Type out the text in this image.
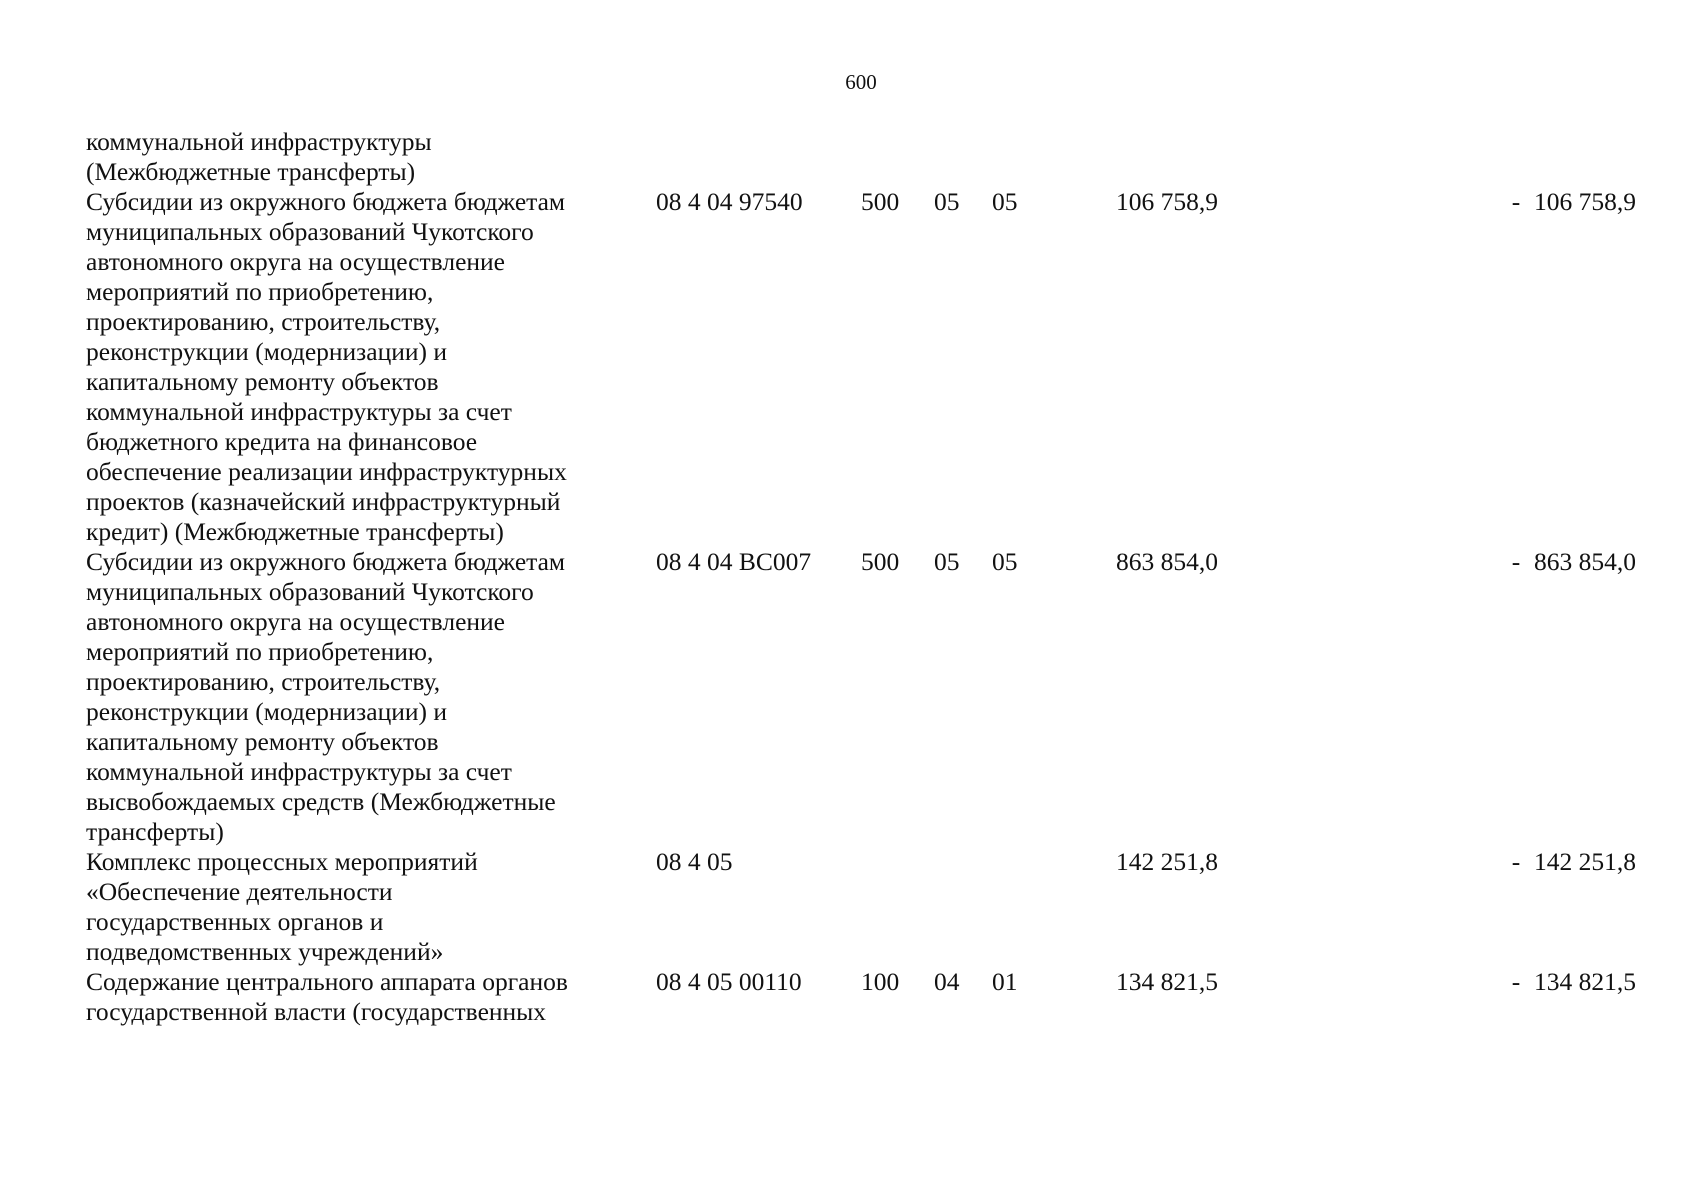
600
коммунальной инфраструктуры
(Межбюджетные трансферты)
Субсидии из окружного бюджета бюджетам
муниципальных образований Чукотского
автономного округа на осуществление
мероприятий по приобретению,
проектированию, строительству,
реконструкции (модернизации) и
капитальному ремонту объектов
коммунальной инфраструктуры за счет
бюджетного кредита на финансовое
обеспечение реализации инфраструктурных
проектов (казначейский инфраструктурный
кредит) (Межбюджетные трансферты)
08 4 04 97540 500 05 05	106 758,9	- 106 758,9
Субсидии из окружного бюджета бюджетам
муниципальных образований Чукотского
автономного округа на осуществление
мероприятий по приобретению,
проектированию, строительству,
реконструкции (модернизации) и
капитальному ремонту объектов
коммунальной инфраструктуры за счет
высвобождаемых средств (Межбюджетные
трансферты)
08 4 04 ВС007 500 05 05	863 854,0	- 863 854,0
Комплекс процессных мероприятий
«Обеспечение деятельности
государственных органов и
подведомственных учреждений»
08 4 05	142 251,8	- 142 251,8
Содержание центрального аппарата органов
государственной власти (государственных
08 4 05 00110 100 04 01	134 821,5	- 134 821,5
